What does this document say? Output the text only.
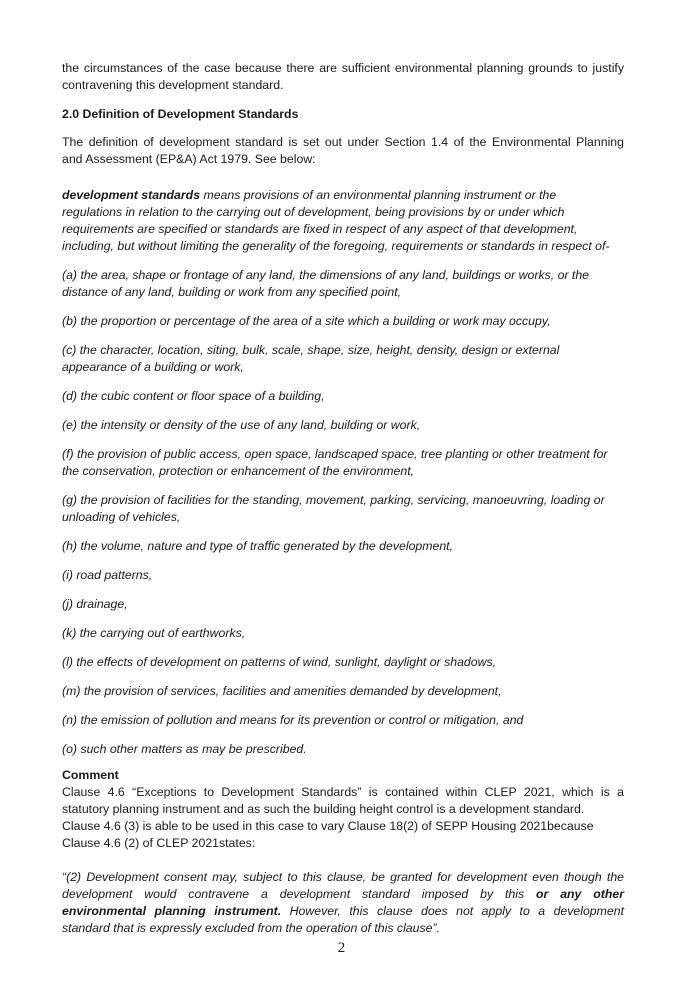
the circumstances of the case because there are sufficient environmental planning grounds to justify
contravening this development standard.

2.0 Definition of Development Standards

The definition of development standard is set out under Section 1.4 of the Environmental Planning
and Assessment (EP&A) Act 1979. See below:

development standards means provisions of an environmental planning instrument or the
regulations in relation to the carrying out of development, being provisions by or under which
requirements are specified or standards are fixed in respect of any aspect of that development,
including, but without limiting the generality of the foregoing, requirements or standards in respect of-

(a) the area, shape or frontage of any land, the dimensions of any land, buildings or works, or the
distance of any land, building or work from any specified point,

(b) the proportion or percentage of the area of a site which a building or work may occupy,

(c) the character, location, siting, bulk, scale, shape, size, height, density, design or external
appearance of a building or work,

(d) the cubic content or floor space of a building,

(e) the intensity or density of the use of any land, building or work,

(f) the provision of public access, open space, landscaped space, tree planting or other treatment for
the conservation, protection or enhancement of the environment,

(g) the provision of facilities for the standing, movement, parking, servicing, manoeuvring, loading or
unloading of vehicles,

(h) the volume, nature and type of traffic generated by the development,

(i) road patterns,

(j) drainage,

(k) the carrying out of earthworks,

(l) the effects of development on patterns of wind, sunlight, daylight or shadows,

(m) the provision of services, facilities and amenities demanded by development,

(n) the emission of pollution and means for its prevention or control or mitigation, and

(o) such other matters as may be prescribed.

Comment

Clause 4.6 “Exceptions to Development Standards” is contained within CLEP 2021, which is a
statutory planning instrument and as such the building height control is a development standard.
Clause 4.6 (3) is able to be used in this case to vary Clause 18(2) of SEPP Housing 2021because
Clause 4.6 (2) of CLEP 2021states:

“(2) Development consent may, subject to this clause, be granted for development even though the
development would contravene a development standard imposed by this or any other
environmental planning instrument. However, this clause does not apply to a development
standard that is expressly excluded from the operation of this clause”.

2
